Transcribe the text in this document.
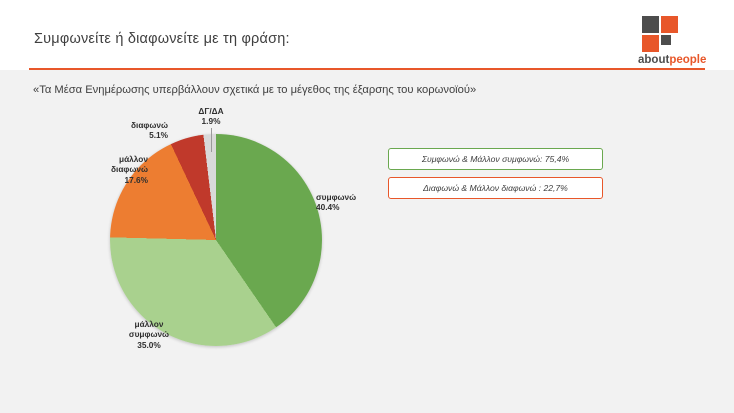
Συμφωνείτε ή διαφωνείτε με τη φράση:
aboutpeople
«Τα Μέσα Ενημέρωσης υπερβάλλουν σχετικά με το μέγεθος της έξαρσης του κορωνοϊού»
συμφωνώ
40.4%
μάλλον
συμφωνώ
35.0%
μάλλον
διαφωνώ
17.6%
διαφωνώ
5.1%
ΔΓ/ΔΑ
1.9%
Συμφωνώ & Μάλλον συμφωνώ: 75,4%
Διαφωνώ & Μάλλον διαφωνώ : 22,7%
